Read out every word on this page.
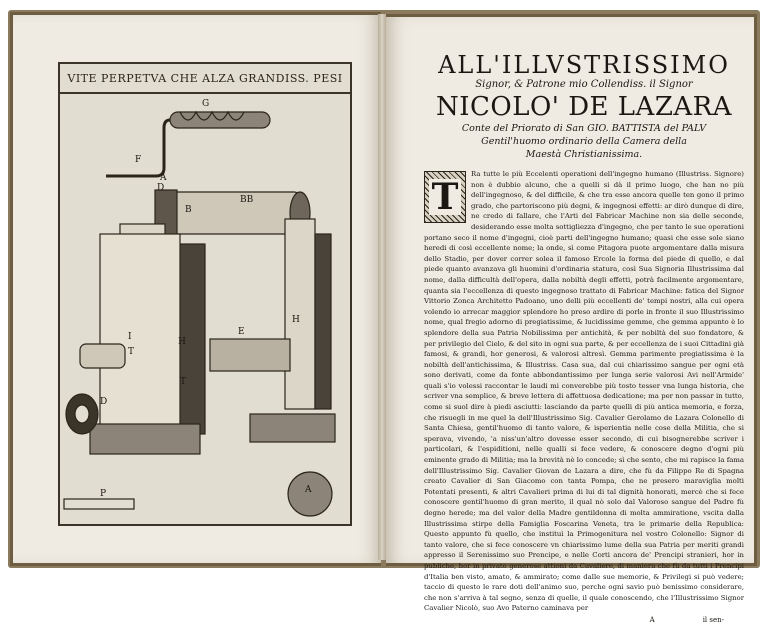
VITE PERPETVA CHE ALZA GRANDISS. PESI
G
F
A
D
BB
B
I
T
H
E
H
T
D
A
P
ALL'ILLVSTRISSIMO
Signor, & Patrone mio Collendiss. il Signor
NICOLO' DE LAZARA
Conte del Priorato di San GIO. BATTISTA del PALV
Gentil'huomo ordinario della Camera della
Maestà Christianissima.
T
Ra tutte le più Eccelenti operationi dell'ingegno humano (Illustriss. Signore) non è dubbio alcuno, che a quelli si dà il primo luogo, che han no più dell'ingegnoso, & del difficile, & che tra esse ancora quelle ten gono il primo grado, che partoriscono più degni, & ingegnosi effetti: ar dirò dunque di dire, ne credo di fallare, che l'Arti del Fabricar Machine non sia delle seconde, desiderando esse molta sottigliezza d'ingegno, che per tanto le sue operationi portano seco il nome d'ingegni, cioè parti dell'ingegno humano; quasi che esse sole siano heredi di così eccellente nome; la onde, sì come Pitagora puote argomentare dalla misura dello Stadio, per dover correr solea il famoso Ercole la forma del piede di quello, e dal piede quanto avanzava gli huomini d'ordinaria statura, così Sua Signoria Illustrissima dal nome, dalla difficultà dell'opera, dalla nobiltà degli effetti, potrà facilmente argomentare, quanta sia l'eccellenza di questo ingegnoso trattato di Fabricar Machine: fatica del Signor Vittorio Zonca Architetto Padoano, uno delli più eccellenti de' tempi nostri, alla cui opera volendo io arrecar maggior splendore ho preso ardire di porle in fronte il suo Illustrissimo nome, qual fregio adorno di pregiatissime, & lucidissime gemme, che gemma appunto è lo splendore della sua Patria Nobilissima per antichità, & per nobiltà del suo fondatore, & per privilegio del Cielo, & del sito in ogni sua parte, & per eccellenza de i suoi Cittadini già famosi, & grandi, hor generosi, & valorosi altresì. Gemma parimente pregiatissima è la nobiltà dell'antichissima, & Illustriss. Casa sua, dal cui chiarissimo sangue per ogni età sono derivati, come da fonte abbondantissimo per lunga serie valorosi Avi nell'Armide' quali s'io volessi raccontar le laudi mi converebbe più tosto tesser vna lunga historia, che scriver vna semplice, & breve lettera di affettuosa dedicatione; ma per non passar in tutto, come si suol dire à piedi asciutti: lasciando da parte quelli di più antica memoria, e forza, che risuegli in me quel la dell'Illustrissimo Sig. Cavalier Gerolamo de Lazara Colonello di Santa Chiesa, gentil'huomo di tanto valore, & isperientia nelle cose della Militia, che si sperava, vivendo, 'a niss'un'altro dovesse esser secondo, di cui bisognerebbe scriver i particolari, & l'espiditioni, nelle qualli si fece vedere, & conoscere degno d'ogni più eminente grado di Militia; ma la brevità nè lo concede; sì che sento, che mi rapisce la fama dell'Illustrissimo Sig. Cavalier Giovan de Lazara a dire, che fù da Filippo Re di Spagna creato Cavalier di San Giacomo con tanta Pompa, che ne presero maraviglia molti Potentati presenti, & altri Cavalieri prima di lui di tal dignità honorati, mercè che si fece conoscere gentil'huomo di gran merito, il qual nò solo dal Valoroso sangue del Padre fù degno herede; ma del valor della Madre gentildonna di molta ammiratione, vscita dalla Illustrissima stirpe della Famiglia Foscarina Veneta, tra le primarie della Republica: Questo appunto fù quello, che instituì la Primogenitura nel vostro Colonello: Signor di tanto valore, che si fece conoscere vn chiarissimo lume della sua Patria per meriti grandi appresso il Serenissimo suo Prencipe, e nelle Corti ancora de' Prencipi stranieri, hor in publiche, hor in private generose attioni da Cavaliere, di maniera che fù da tutti i Prencipi d'Italia ben visto, amato, & ammirato; come dalle sue memorie, & Privilegi si può vedere; taccio di questo le rare doti dell'animo suo, perche ogni savio può benissimo considerare, che non s'arriva à tal segno, senza di quelle, il quale conoscendo, che l'Illustrissimo Signor Cavalier Nicolò, suo Avo Paterno caminava per
A	il sen-
